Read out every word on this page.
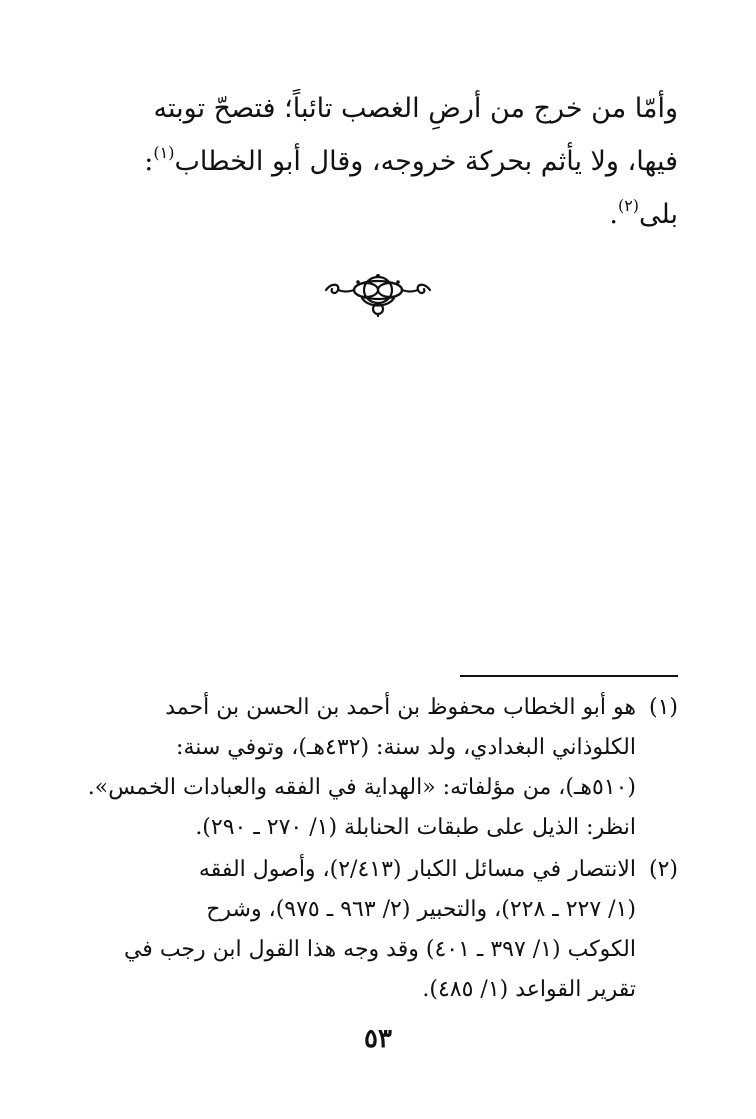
وأمّا من خرج من أرضِ الغصب تائباً؛ فتصحّ توبته
فيها، ولا يأثم بحركة خروجه، وقال أبو الخطاب$^{(١)}$:
بلى$^{(٢)}$.
(١)
هو أبو الخطاب محفوظ بن أحمد بن الحسن بن أحمد
الكلوذاني البغدادي، ولد سنة: (٤٣٢هـ)، وتوفي سنة:
(٥١٠هـ)، من مؤلفاته: «الهداية في الفقه والعبادات الخمس».
انظر: الذيل على طبقات الحنابلة (١/ ٢٧٠ ـ ٢٩٠).
(٢)
الانتصار في مسائل الكبار (٢/٤١٣)، وأصول الفقه
(١/ ٢٢٧ ـ ٢٢٨)، والتحبير (٢/ ٩٦٣ ـ ٩٧٥)، وشرح
الكوكب (١/ ٣٩٧ ـ ٤٠١) وقد وجه هذا القول ابن رجب في
تقرير القواعد (١/ ٤٨٥).
٥٣
